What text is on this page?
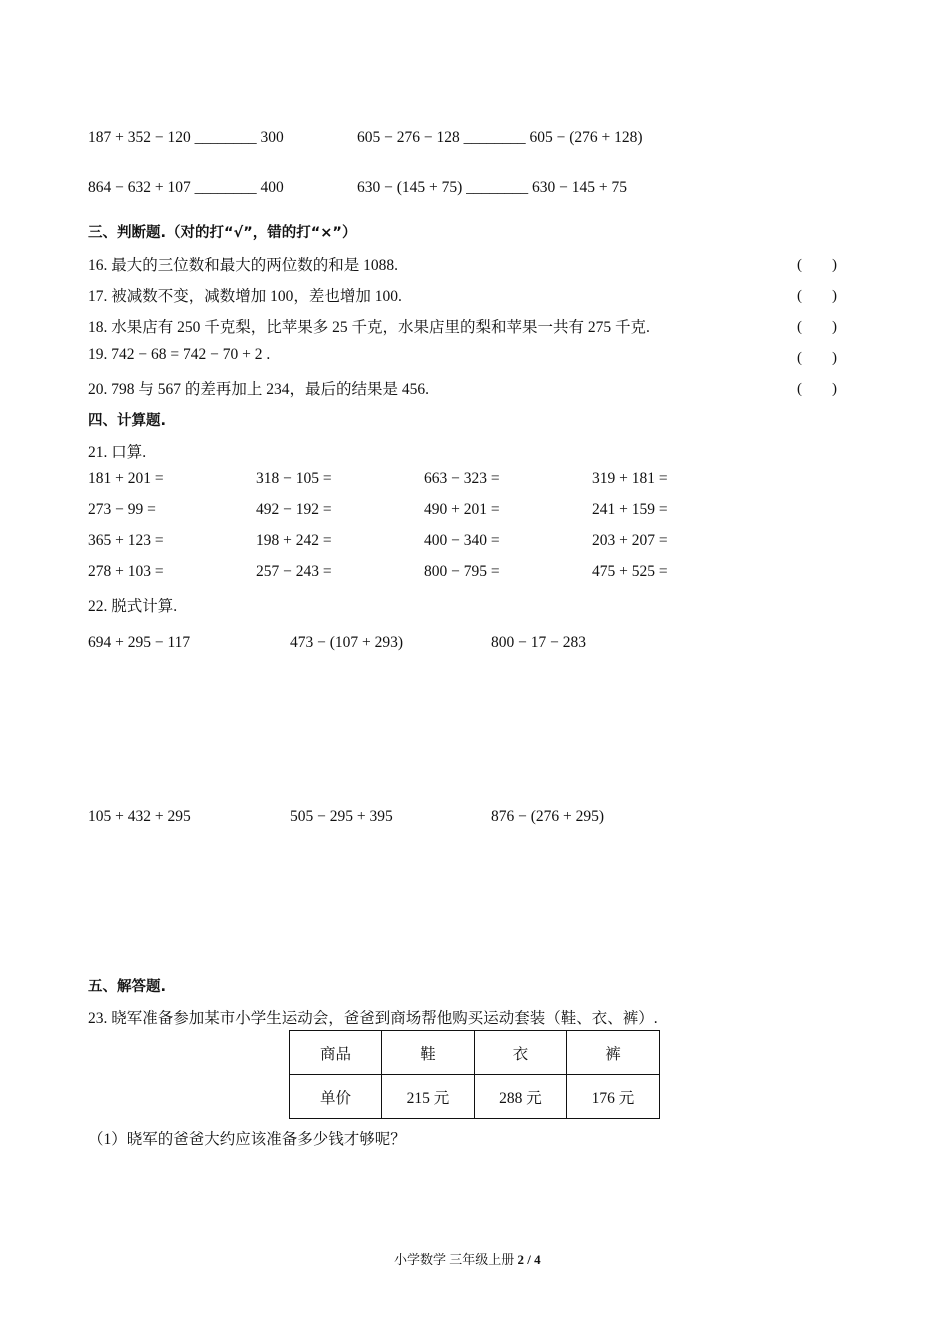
187 + 352 − 120 ________ 300	605 − 276 − 128 ________ 605 − (276 + 128)
864 − 632 + 107 ________ 400	630 − (145 + 75) ________ 630 − 145 + 75
三、判断题.（对的打“√”，错的打“×”）
16. 最大的三位数和最大的两位数的和是 1088.	(　　)
17. 被减数不变，减数增加 100，差也增加 100.	(　　)
18. 水果店有 250 千克梨，比苹果多 25 千克，水果店里的梨和苹果一共有 275 千克.	(　　)
19. 742 − 68 = 742 − 70 + 2 .	(　　)
20. 798 与 567 的差再加上 234，最后的结果是 456.	(　　)
四、计算题.
21. 口算.
181 + 201 =	318 − 105 =	663 − 323 =	319 + 181 =
273 − 99 =	492 − 192 =	490 + 201 =	241 + 159 =
365 + 123 =	198 + 242 =	400 − 340 =	203 + 207 =
278 + 103 =	257 − 243 =	800 − 795 =	475 + 525 =
22. 脱式计算.
694 + 295 − 117	473 − (107 + 293)	800 − 17 − 283
105 + 432 + 295	505 − 295 + 395	876 − (276 + 295)
五、解答题.
23. 晓军准备参加某市小学生运动会，爸爸到商场帮他购买运动套装（鞋、衣、裤）.
商品	鞋	衣	裤
单价	215 元	288 元	176 元
（1）晓军的爸爸大约应该准备多少钱才够呢？
小学数学 三年级上册 2 / 4
